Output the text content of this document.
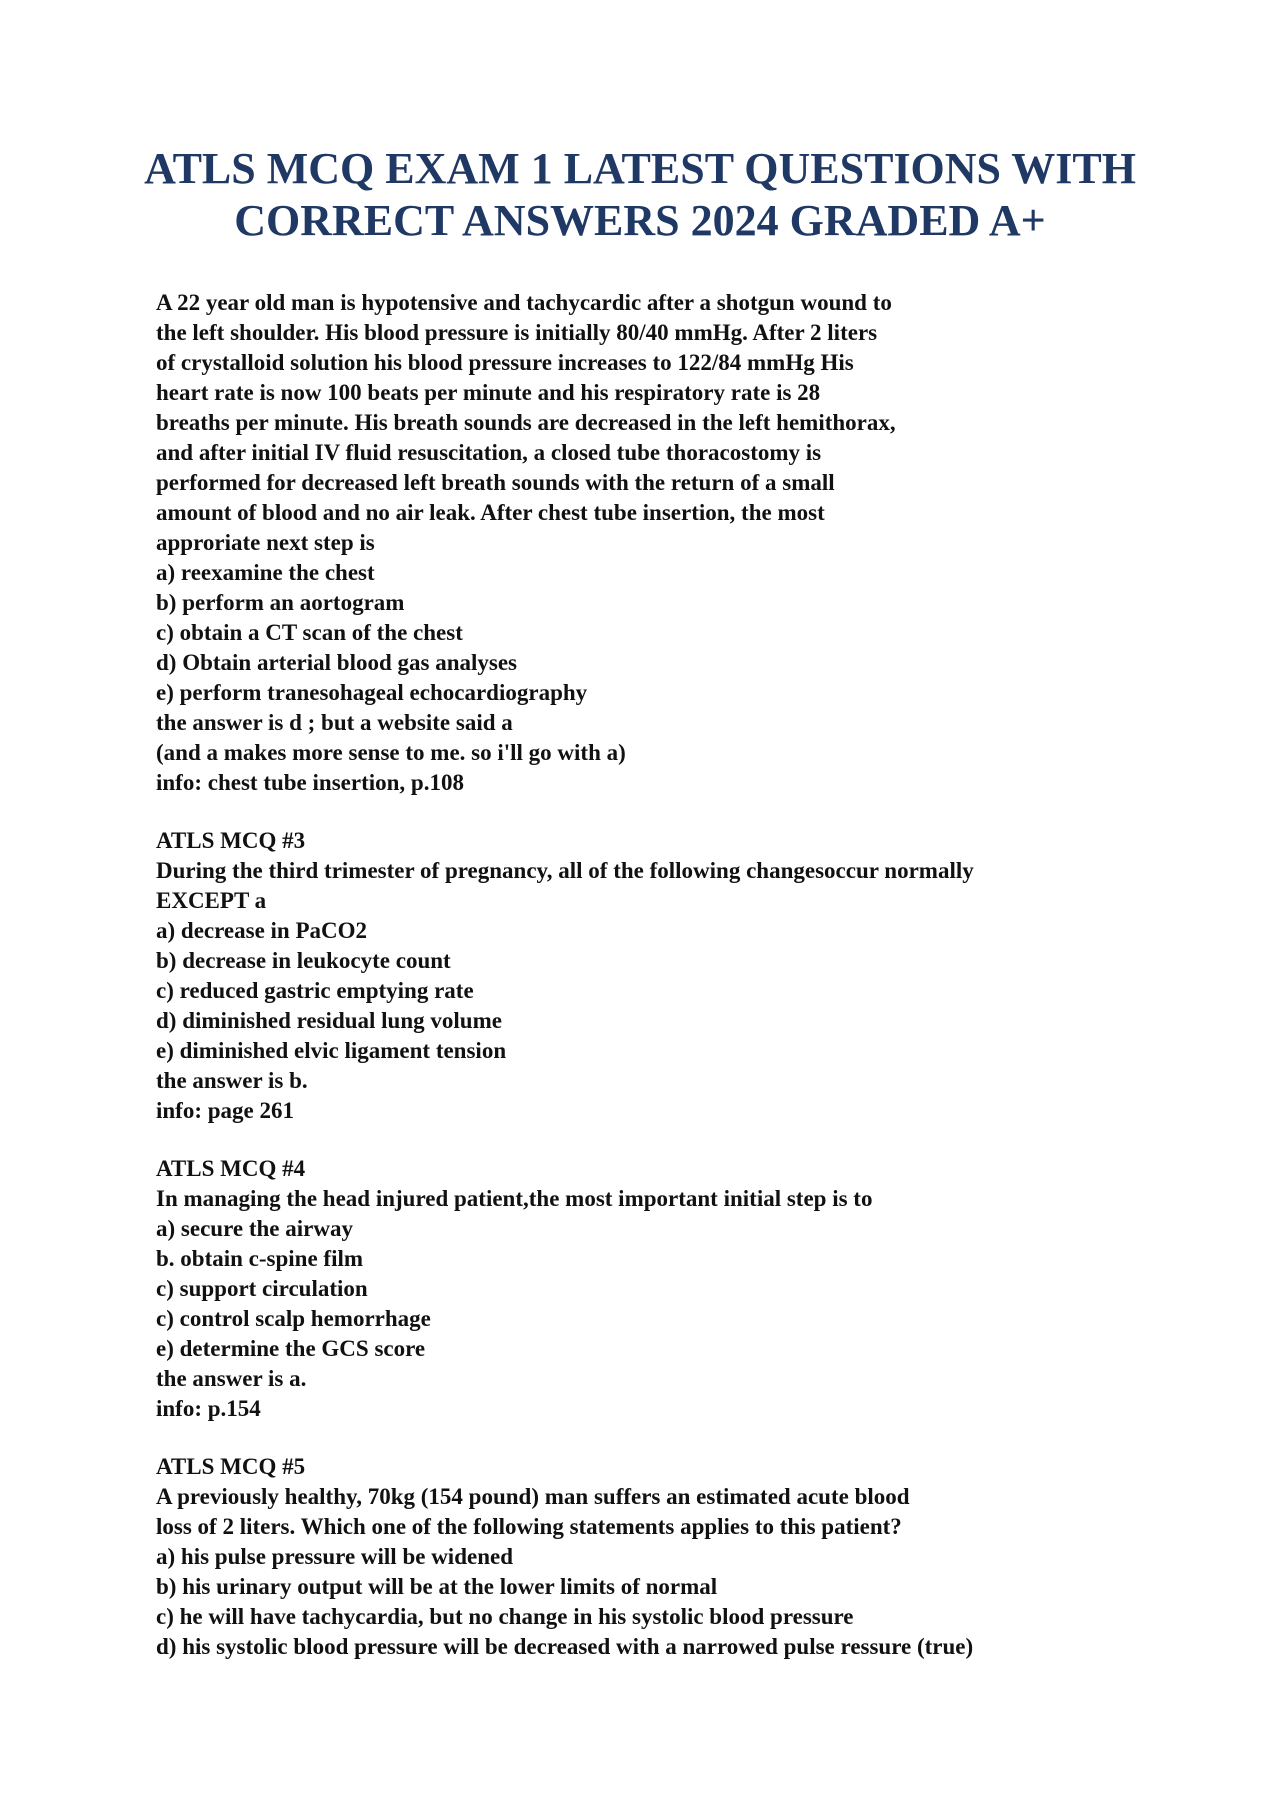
ATLS MCQ EXAM 1 LATEST QUESTIONS WITH
CORRECT ANSWERS 2024 GRADED A+
A 22 year old man is hypotensive and tachycardic after a shotgun wound to
the left shoulder. His blood pressure is initially 80/40 mmHg. After 2 liters
of crystalloid solution his blood pressure increases to 122/84 mmHg His
heart rate is now 100 beats per minute and his respiratory rate is 28
breaths per minute. His breath sounds are decreased in the left hemithorax,
and after initial IV fluid resuscitation, a closed tube thoracostomy is
performed for decreased left breath sounds with the return of a small
amount of blood and no air leak. After chest tube insertion, the most
approriate next step is
a) reexamine the chest
b) perform an aortogram
c) obtain a CT scan of the chest
d) Obtain arterial blood gas analyses
e) perform tranesohageal echocardiography
the answer is d ; but a website said a
(and a makes more sense to me. so i'll go with a)
info: chest tube insertion, p.108
ATLS MCQ #3
During the third trimester of pregnancy, all of the following changesoccur normally
EXCEPT a
a) decrease in PaCO2
b) decrease in leukocyte count
c) reduced gastric emptying rate
d) diminished residual lung volume
e) diminished elvic ligament tension
the answer is b.
info: page 261
ATLS MCQ #4
In managing the head injured patient,the most important initial step is to
a) secure the airway
b. obtain c-spine film
c) support circulation
c) control scalp hemorrhage
e) determine the GCS score
the answer is a.
info: p.154
ATLS MCQ #5
A previously healthy, 70kg (154 pound) man suffers an estimated acute blood
loss of 2 liters. Which one of the following statements applies to this patient?
a) his pulse pressure will be widened
b) his urinary output will be at the lower limits of normal
c) he will have tachycardia, but no change in his systolic blood pressure
d) his systolic blood pressure will be decreased with a narrowed pulse ressure (true)
